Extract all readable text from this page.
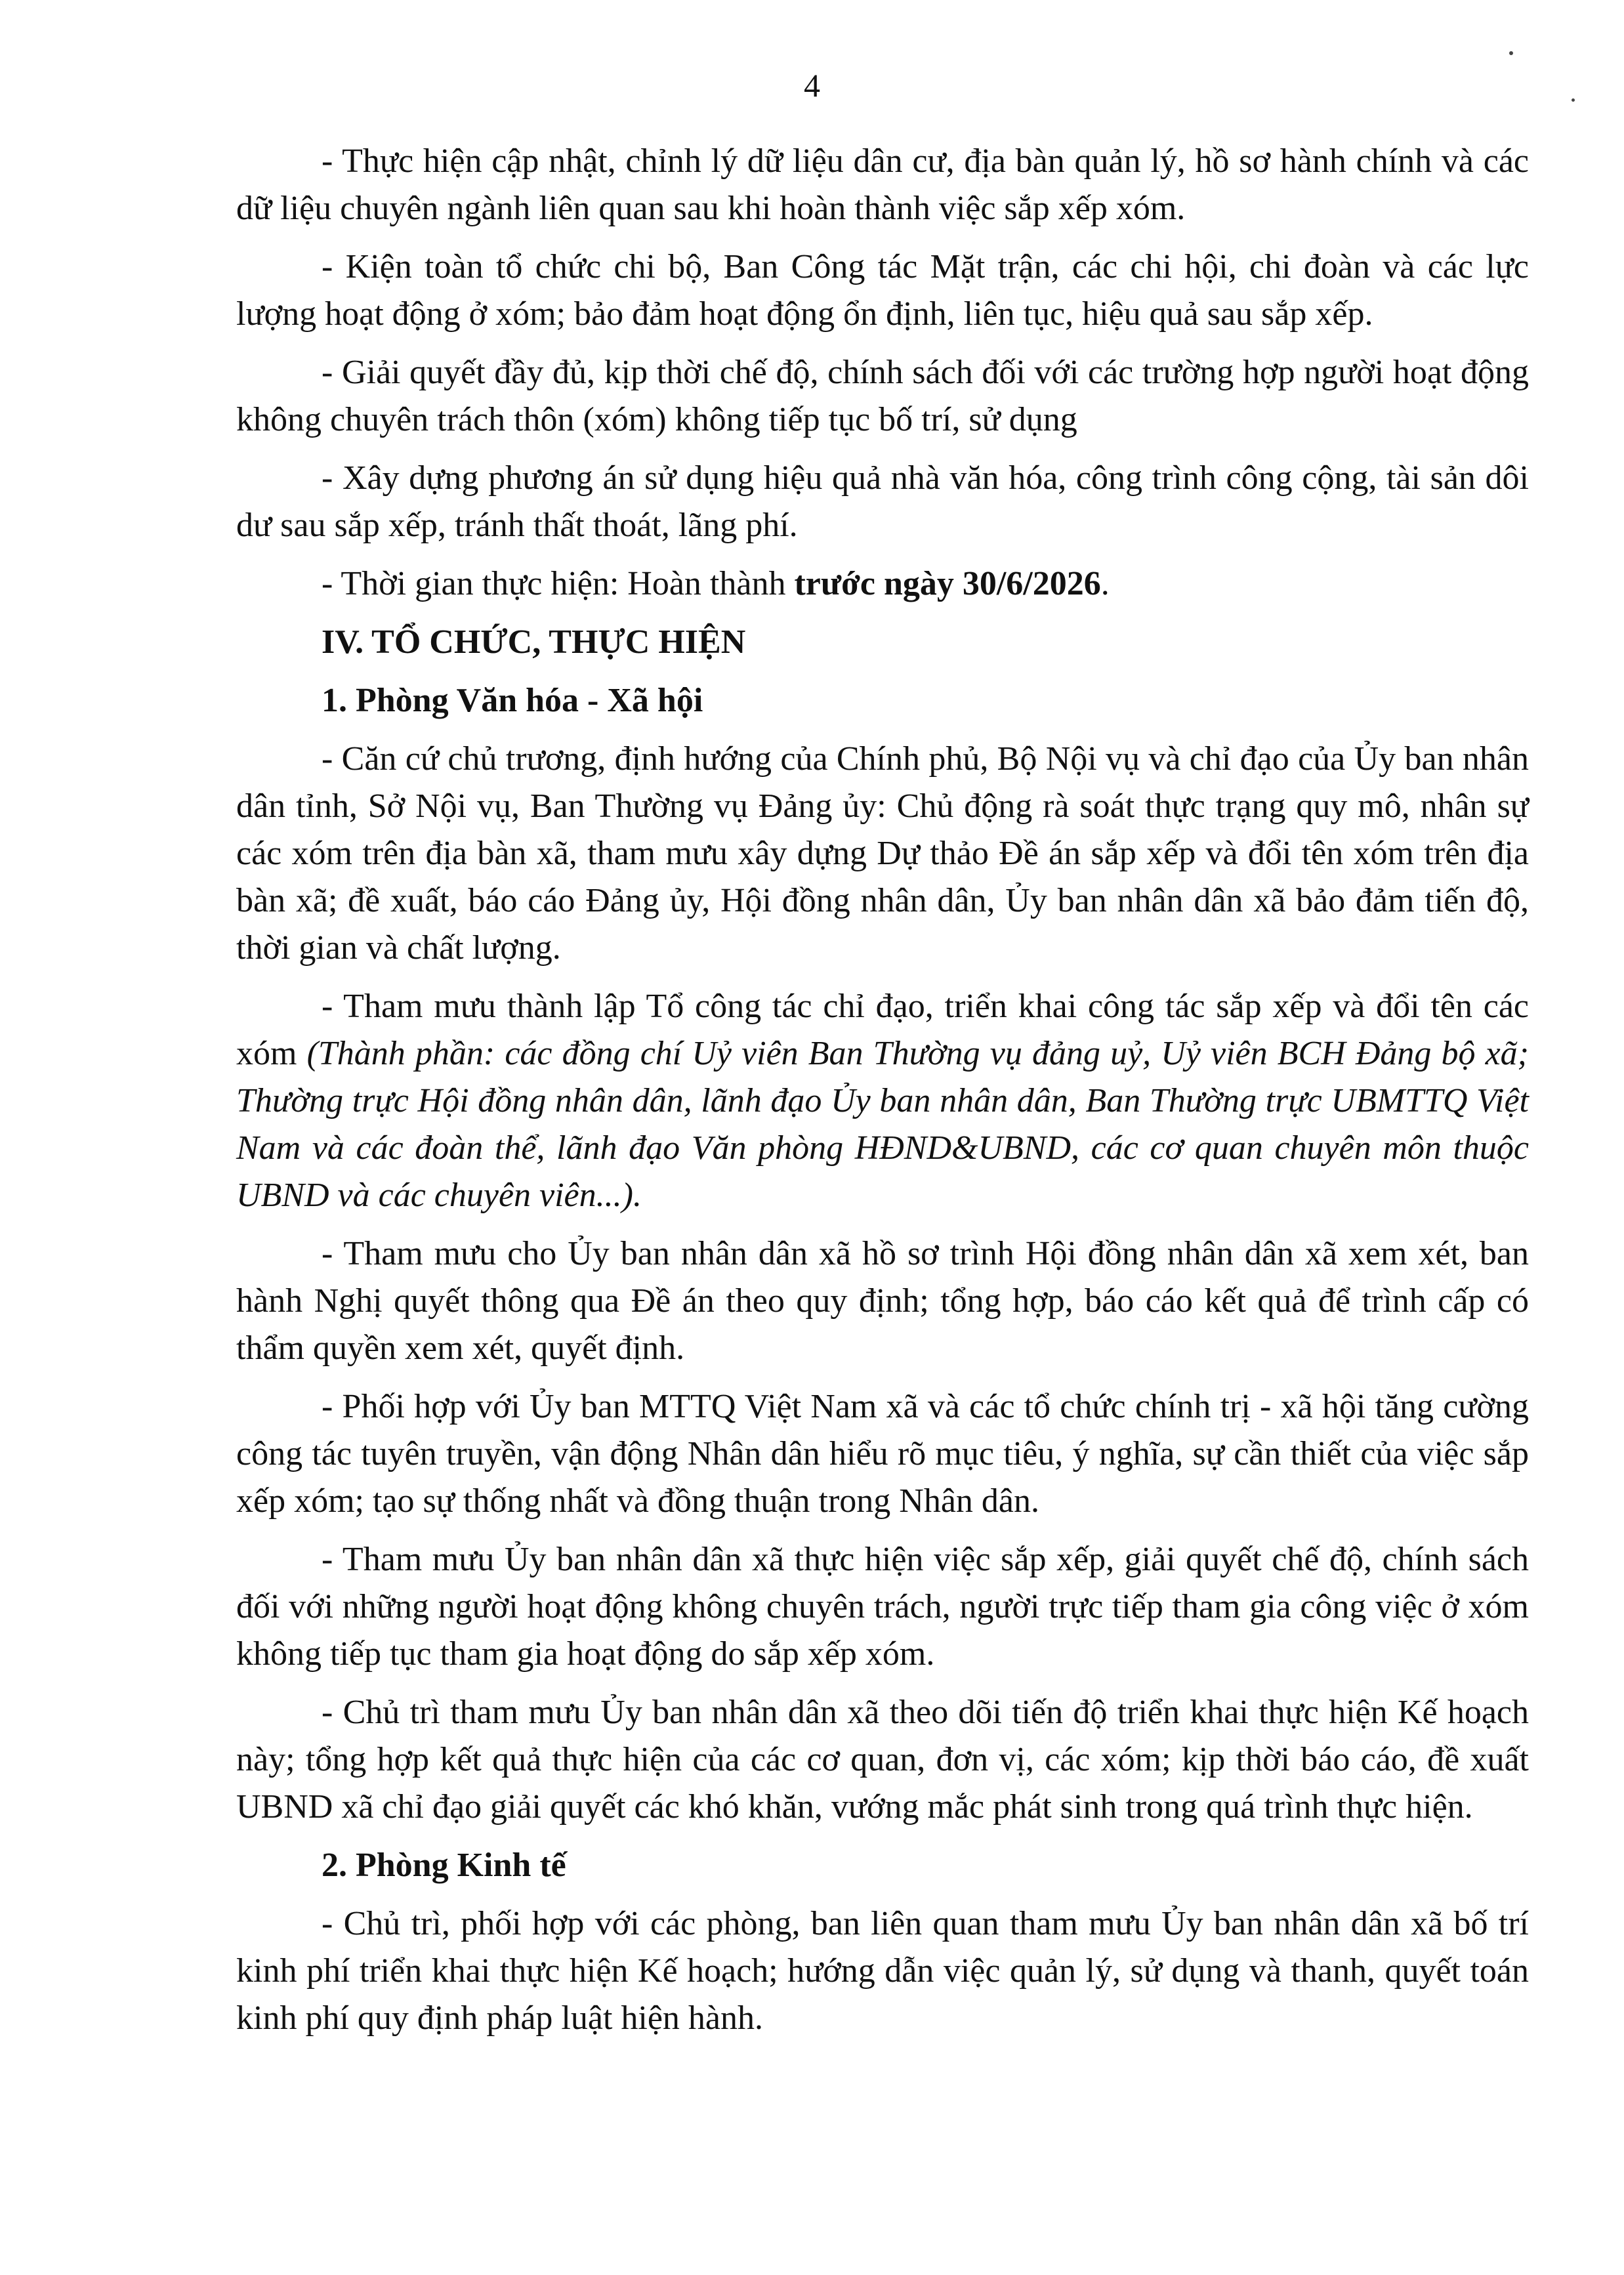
4

- Thực hiện cập nhật, chỉnh lý dữ liệu dân cư, địa bàn quản lý, hồ sơ hành chính và các dữ liệu chuyên ngành liên quan sau khi hoàn thành việc sắp xếp xóm.

- Kiện toàn tổ chức chi bộ, Ban Công tác Mặt trận, các chi hội, chi đoàn và các lực lượng hoạt động ở xóm; bảo đảm hoạt động ổn định, liên tục, hiệu quả sau sắp xếp.

- Giải quyết đầy đủ, kịp thời chế độ, chính sách đối với các trường hợp người hoạt động không chuyên trách thôn (xóm) không tiếp tục bố trí, sử dụng

- Xây dựng phương án sử dụng hiệu quả nhà văn hóa, công trình công cộng, tài sản dôi dư sau sắp xếp, tránh thất thoát, lãng phí.

- Thời gian thực hiện: Hoàn thành trước ngày 30/6/2026.

IV. TỔ CHỨC, THỰC HIỆN

1. Phòng Văn hóa - Xã hội

- Căn cứ chủ trương, định hướng của Chính phủ, Bộ Nội vụ và chỉ đạo của Ủy ban nhân dân tỉnh, Sở Nội vụ, Ban Thường vụ Đảng ủy: Chủ động rà soát thực trạng quy mô, nhân sự các xóm trên địa bàn xã, tham mưu xây dựng Dự thảo Đề án sắp xếp và đổi tên xóm trên địa bàn xã; đề xuất, báo cáo Đảng ủy, Hội đồng nhân dân, Ủy ban nhân dân xã bảo đảm tiến độ, thời gian và chất lượng.

- Tham mưu thành lập Tổ công tác chỉ đạo, triển khai công tác sắp xếp và đổi tên các xóm (Thành phần: các đồng chí Uỷ viên Ban Thường vụ đảng uỷ, Uỷ viên BCH Đảng bộ xã; Thường trực Hội đồng nhân dân, lãnh đạo Ủy ban nhân dân, Ban Thường trực UBMTTQ Việt Nam và các đoàn thể, lãnh đạo Văn phòng HĐND&UBND, các cơ quan chuyên môn thuộc UBND và các chuyên viên...).

- Tham mưu cho Ủy ban nhân dân xã hồ sơ trình Hội đồng nhân dân xã xem xét, ban hành Nghị quyết thông qua Đề án theo quy định; tổng hợp, báo cáo kết quả để trình cấp có thẩm quyền xem xét, quyết định.

- Phối hợp với Ủy ban MTTQ Việt Nam xã và các tổ chức chính trị - xã hội tăng cường công tác tuyên truyền, vận động Nhân dân hiểu rõ mục tiêu, ý nghĩa, sự cần thiết của việc sắp xếp xóm; tạo sự thống nhất và đồng thuận trong Nhân dân.

- Tham mưu Ủy ban nhân dân xã thực hiện việc sắp xếp, giải quyết chế độ, chính sách đối với những người hoạt động không chuyên trách, người trực tiếp tham gia công việc ở xóm không tiếp tục tham gia hoạt động do sắp xếp xóm.

- Chủ trì tham mưu Ủy ban nhân dân xã theo dõi tiến độ triển khai thực hiện Kế hoạch này; tổng hợp kết quả thực hiện của các cơ quan, đơn vị, các xóm; kịp thời báo cáo, đề xuất UBND xã chỉ đạo giải quyết các khó khăn, vướng mắc phát sinh trong quá trình thực hiện.

2. Phòng Kinh tế

- Chủ trì, phối hợp với các phòng, ban liên quan tham mưu Ủy ban nhân dân xã bố trí kinh phí triển khai thực hiện Kế hoạch; hướng dẫn việc quản lý, sử dụng và thanh, quyết toán kinh phí quy định pháp luật hiện hành.
